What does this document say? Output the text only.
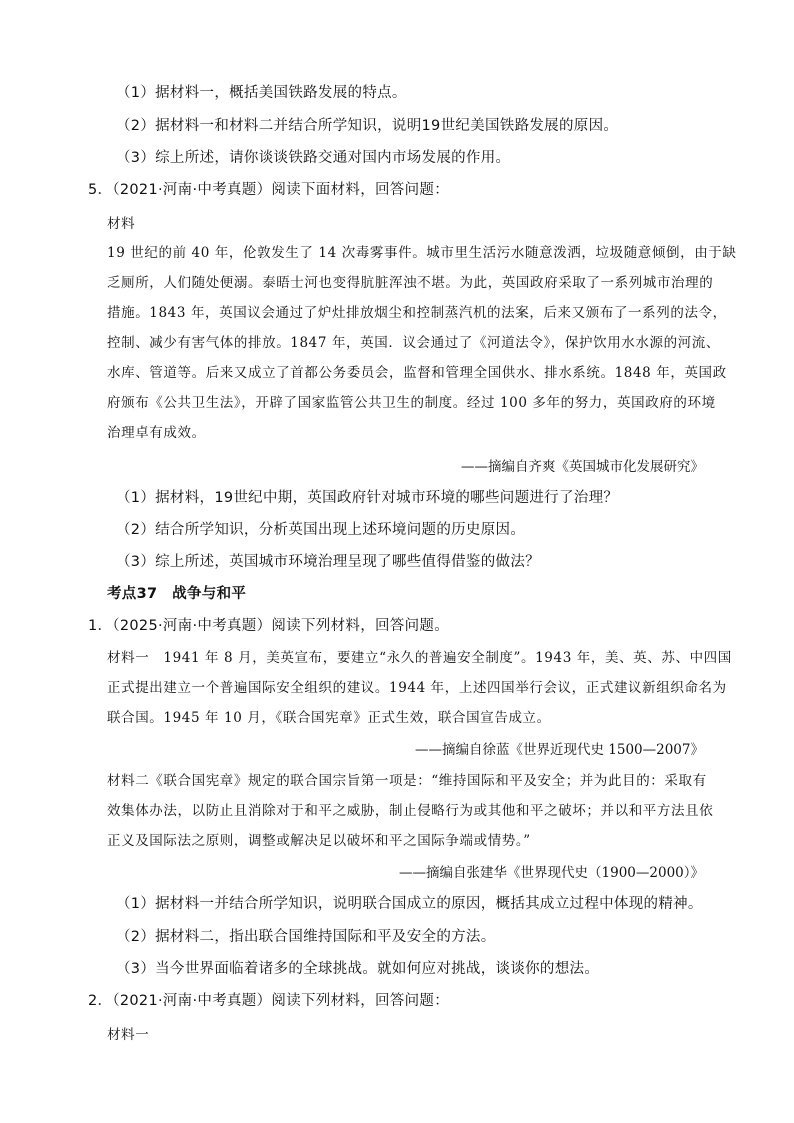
（1）据材料一，概括美国铁路发展的特点。
（2）据材料一和材料二并结合所学知识，说明19世纪美国铁路发展的原因。
（3）综上所述，请你谈谈铁路交通对国内市场发展的作用。
5．（2021·河南·中考真题）阅读下面材料，回答问题：
材料
19 世纪的前 40 年，伦敦发生了 14 次毒雾事件。城市里生活污水随意泼洒，垃圾随意倾倒，由于缺
乏厕所，人们随处便溺。泰晤士河也变得肮脏浑浊不堪。为此，英国政府采取了一系列城市治理的
措施。1843 年，英国议会通过了炉灶排放烟尘和控制蒸汽机的法案，后来又颁布了一系列的法令，
控制、减少有害气体的排放。1847 年，英国．议会通过了《河道法令》，保护饮用水水源的河流、
水库、管道等。后来又成立了首都公务委员会，监督和管理全国供水、排水系统。1848 年，英国政
府颁布《公共卫生法》，开辟了国家监管公共卫生的制度。经过 100 多年的努力，英国政府的环境
治理卓有成效。
——摘编自齐爽《英国城市化发展研究》
（1）据材料，19世纪中期，英国政府针对城市环境的哪些问题进行了治理？
（2）结合所学知识，分析英国出现上述环境问题的历史原因。
（3）综上所述，英国城市环境治理呈现了哪些值得借鉴的做法？
考点37　战争与和平
1．（2025·河南·中考真题）阅读下列材料，回答问题。
材料一　1941 年 8 月，美英宣布，要建立“永久的普遍安全制度”。1943 年，美、英、苏、中四国
正式提出建立一个普遍国际安全组织的建议。1944 年，上述四国举行会议，正式建议新组织命名为
联合国。1945 年 10 月，《联合国宪章》正式生效，联合国宣告成立。
——摘编自徐蓝《世界近现代史 1500—2007》
材料二《联合国宪章》规定的联合国宗旨第一项是：“维持国际和平及安全；并为此目的：采取有
效集体办法，以防止且消除对于和平之威胁，制止侵略行为或其他和平之破坏；并以和平方法且依
正义及国际法之原则，调整或解决足以破坏和平之国际争端或情势。”
——摘编自张建华《世界现代史（1900—2000）》
（1）据材料一并结合所学知识，说明联合国成立的原因，概括其成立过程中体现的精神。
（2）据材料二，指出联合国维持国际和平及安全的方法。
（3）当今世界面临着诸多的全球挑战。就如何应对挑战，谈谈你的想法。
2．（2021·河南·中考真题）阅读下列材料，回答问题：
材料一
